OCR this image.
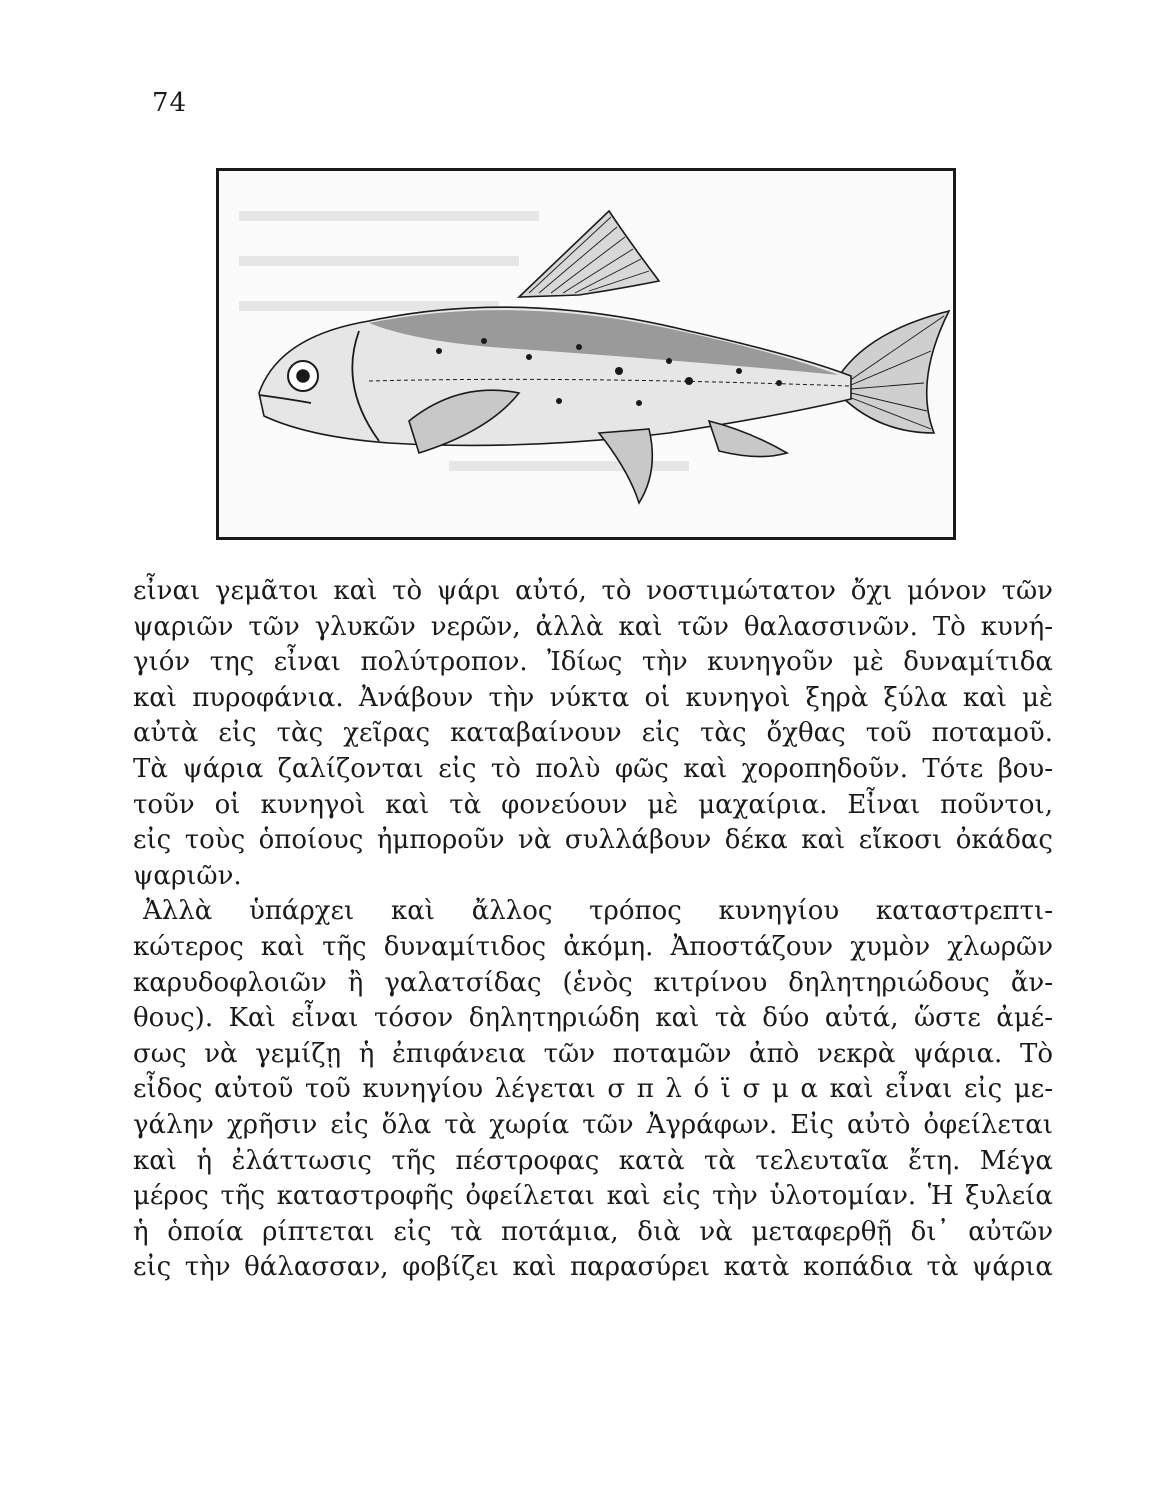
74
εἶναι γεμᾶτοι καὶ τὸ ψάρι αὐτό, τὸ νοστιμώτατον ὄχι μόνον τῶν
ψαριῶν τῶν γλυκῶν νερῶν, ἀλλὰ καὶ τῶν θαλασσινῶν. Τὸ κυνή-
γιόν της εἶναι πολύτροπον. Ἰδίως τὴν κυνηγοῦν μὲ δυναμίτιδα
καὶ πυροφάνια. Ἀνάβουν τὴν νύκτα οἱ κυνηγοὶ ξηρὰ ξύλα καὶ μὲ
αὐτὰ εἰς τὰς χεῖρας καταβαίνουν εἰς τὰς ὄχθας τοῦ ποταμοῦ.
Τὰ ψάρια ζαλίζονται εἰς τὸ πολὺ φῶς καὶ χοροπηδοῦν. Τότε βου-
τοῦν οἱ κυνηγοὶ καὶ τὰ φονεύουν μὲ μαχαίρια. Εἶναι ποῦντοι,
εἰς τοὺς ὁποίους ἠμποροῦν νὰ συλλάβουν δέκα καὶ εἴκοσι ὀκάδας
ψαριῶν.
Ἀλλὰ ὑπάρχει καὶ ἄλλος τρόπος κυνηγίου καταστρεπτι-
κώτερος καὶ τῆς δυναμίτιδος ἀκόμη. Ἀποστάζουν χυμὸν χλωρῶν
καρυδοφλοιῶν ἢ γαλατσίδας (ἑνὸς κιτρίνου δηλητηριώδους ἄν-
θους). Καὶ εἶναι τόσον δηλητηριώδη καὶ τὰ δύο αὐτά, ὥστε ἀμέ-
σως νὰ γεμίζῃ ἡ ἐπιφάνεια τῶν ποταμῶν ἀπὸ νεκρὰ ψάρια. Τὸ
εἶδος αὐτοῦ τοῦ κυνηγίου λέγεται σ π λ ό ϊ σ μ α καὶ εἶναι εἰς με-
γάλην χρῆσιν εἰς ὅλα τὰ χωρία τῶν Ἀγράφων. Εἰς αὐτὸ ὀφείλεται
καὶ ἡ ἐλάττωσις τῆς πέστροφας κατὰ τὰ τελευταῖα ἔτη. Μέγα
μέρος τῆς καταστροφῆς ὀφείλεται καὶ εἰς τὴν ὑλοτομίαν. Ἡ ξυλεία
ἡ ὁποία ρίπτεται εἰς τὰ ποτάμια, διὰ νὰ μεταφερθῇ δι᾽ αὐτῶν
εἰς τὴν θάλασσαν, φοβίζει καὶ παρασύρει κατὰ κοπάδια τὰ ψάρια
